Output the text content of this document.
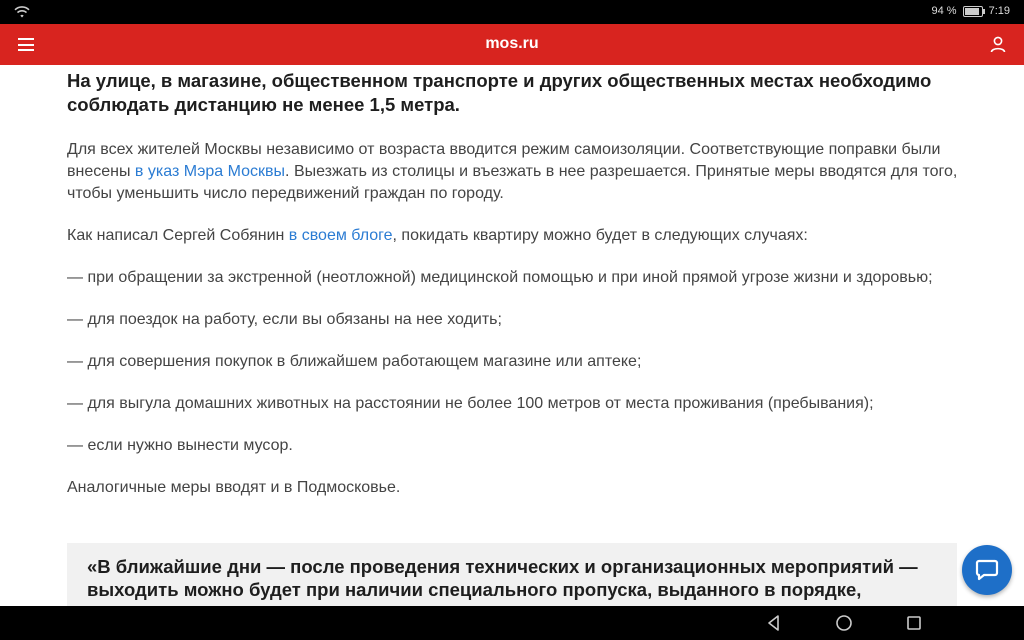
94 %	7:19
mos.ru
На улице, в магазине, общественном транспорте и других общественных местах необходимо соблюдать дистанцию не менее 1,5 метра.
Для всех жителей Москвы независимо от возраста вводится режим самоизоляции. Соответствующие поправки были внесены в указ Мэра Москвы. Выезжать из столицы и въезжать в нее разрешается. Принятые меры вводятся для того, чтобы уменьшить число передвижений граждан по городу.
Как написал Сергей Собянин в своем блоге, покидать квартиру можно будет в следующих случаях:
— при обращении за экстренной (неотложной) медицинской помощью и при иной прямой угрозе жизни и здоровью;
— для поездок на работу, если вы обязаны на нее ходить;
— для совершения покупок в ближайшем работающем магазине или аптеке;
— для выгула домашних животных на расстоянии не более 100 метров от места проживания (пребывания);
— если нужно вынести мусор.
Аналогичные меры вводят и в Подмосковье.
«В ближайшие дни — после проведения технических и организационных мероприятий — выходить можно будет при наличии специального пропуска, выданного в порядке,
